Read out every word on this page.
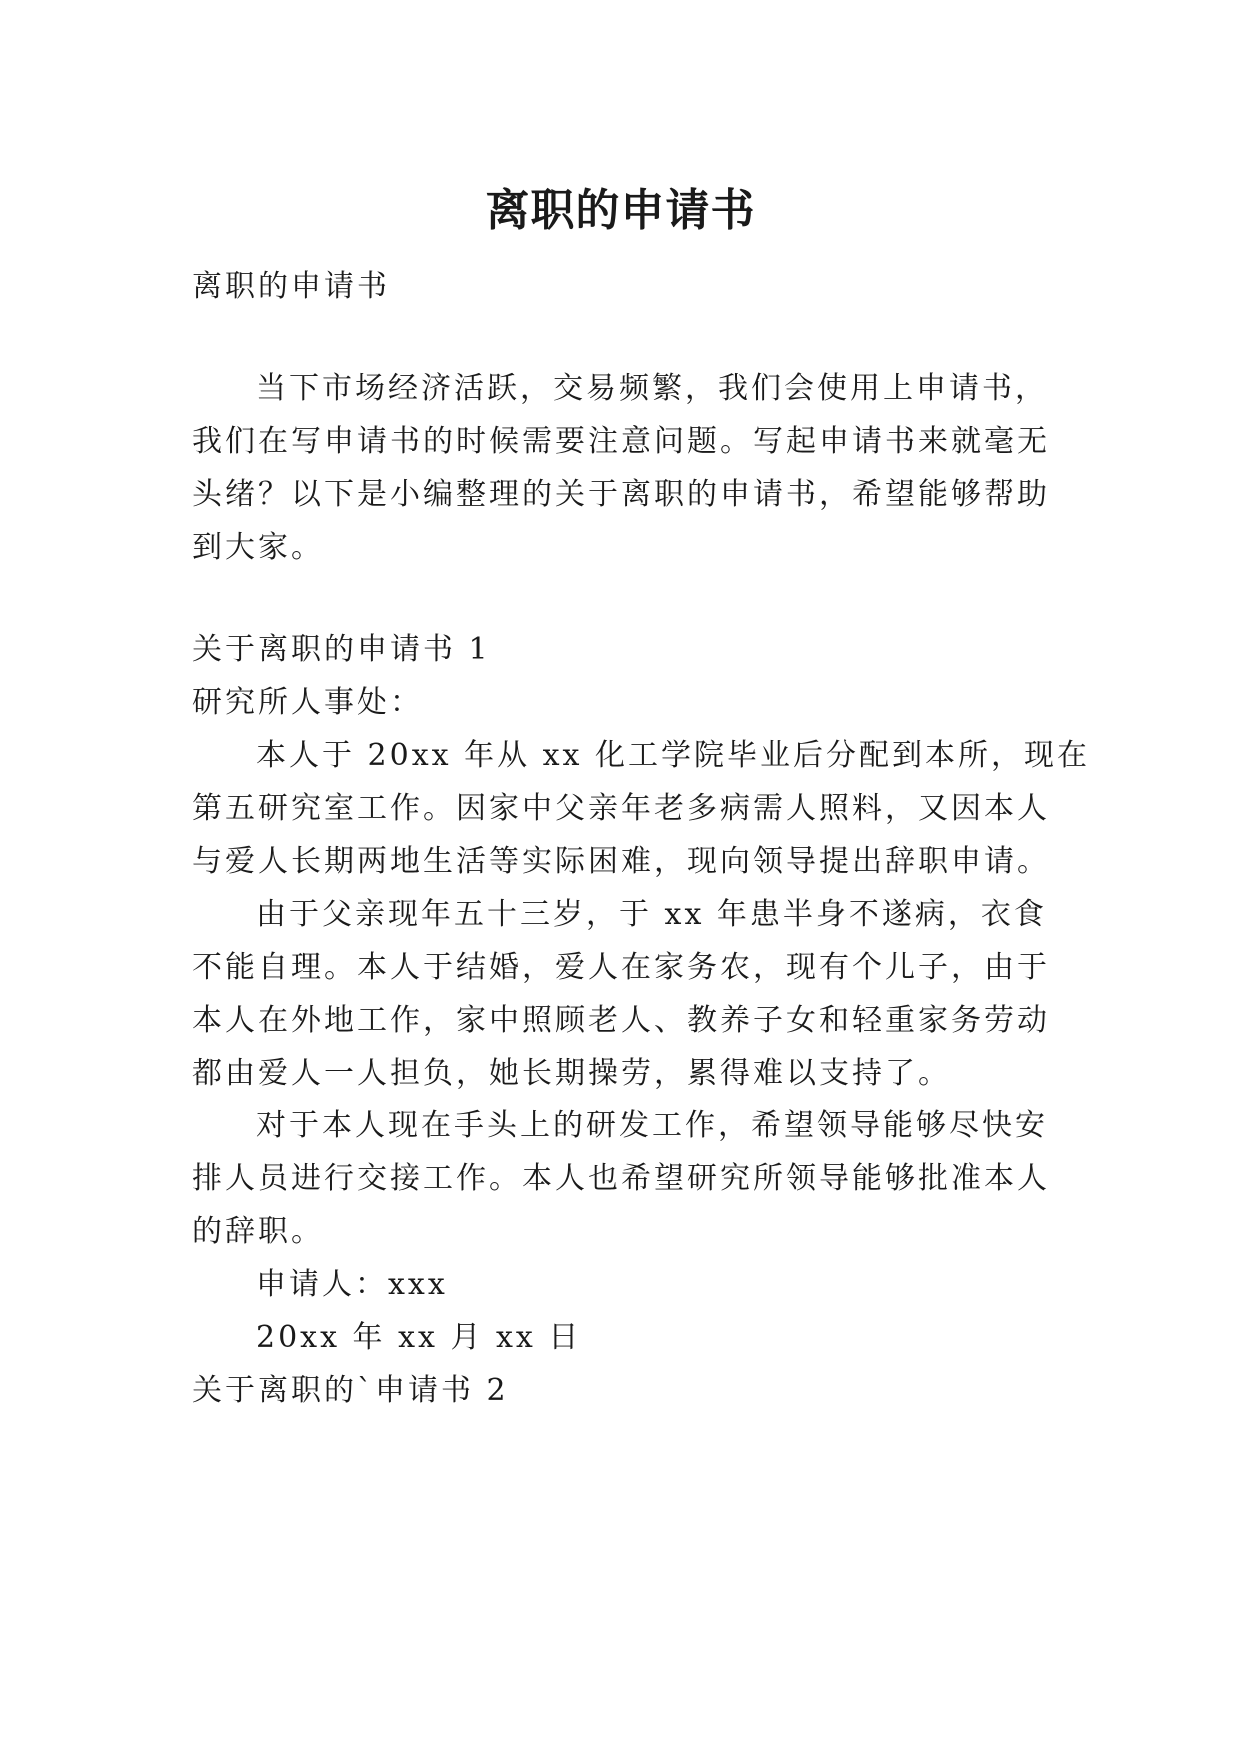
离职的申请书
离职的申请书
当下市场经济活跃，交易频繁，我们会使用上申请书，
我们在写申请书的时候需要注意问题。写起申请书来就毫无
头绪？以下是小编整理的关于离职的申请书，希望能够帮助
到大家。
关于离职的申请书 1
研究所人事处：
本人于 20xx 年从 xx 化工学院毕业后分配到本所，现在
第五研究室工作。因家中父亲年老多病需人照料，又因本人
与爱人长期两地生活等实际困难，现向领导提出辞职申请。
由于父亲现年五十三岁，于 xx 年患半身不遂病，衣食
不能自理。本人于结婚，爱人在家务农，现有个儿子，由于
本人在外地工作，家中照顾老人、教养子女和轻重家务劳动
都由爱人一人担负，她长期操劳，累得难以支持了。
对于本人现在手头上的研发工作，希望领导能够尽快安
排人员进行交接工作。本人也希望研究所领导能够批准本人
的辞职。
申请人：xxx
20xx 年 xx 月 xx 日
关于离职的`申请书 2
